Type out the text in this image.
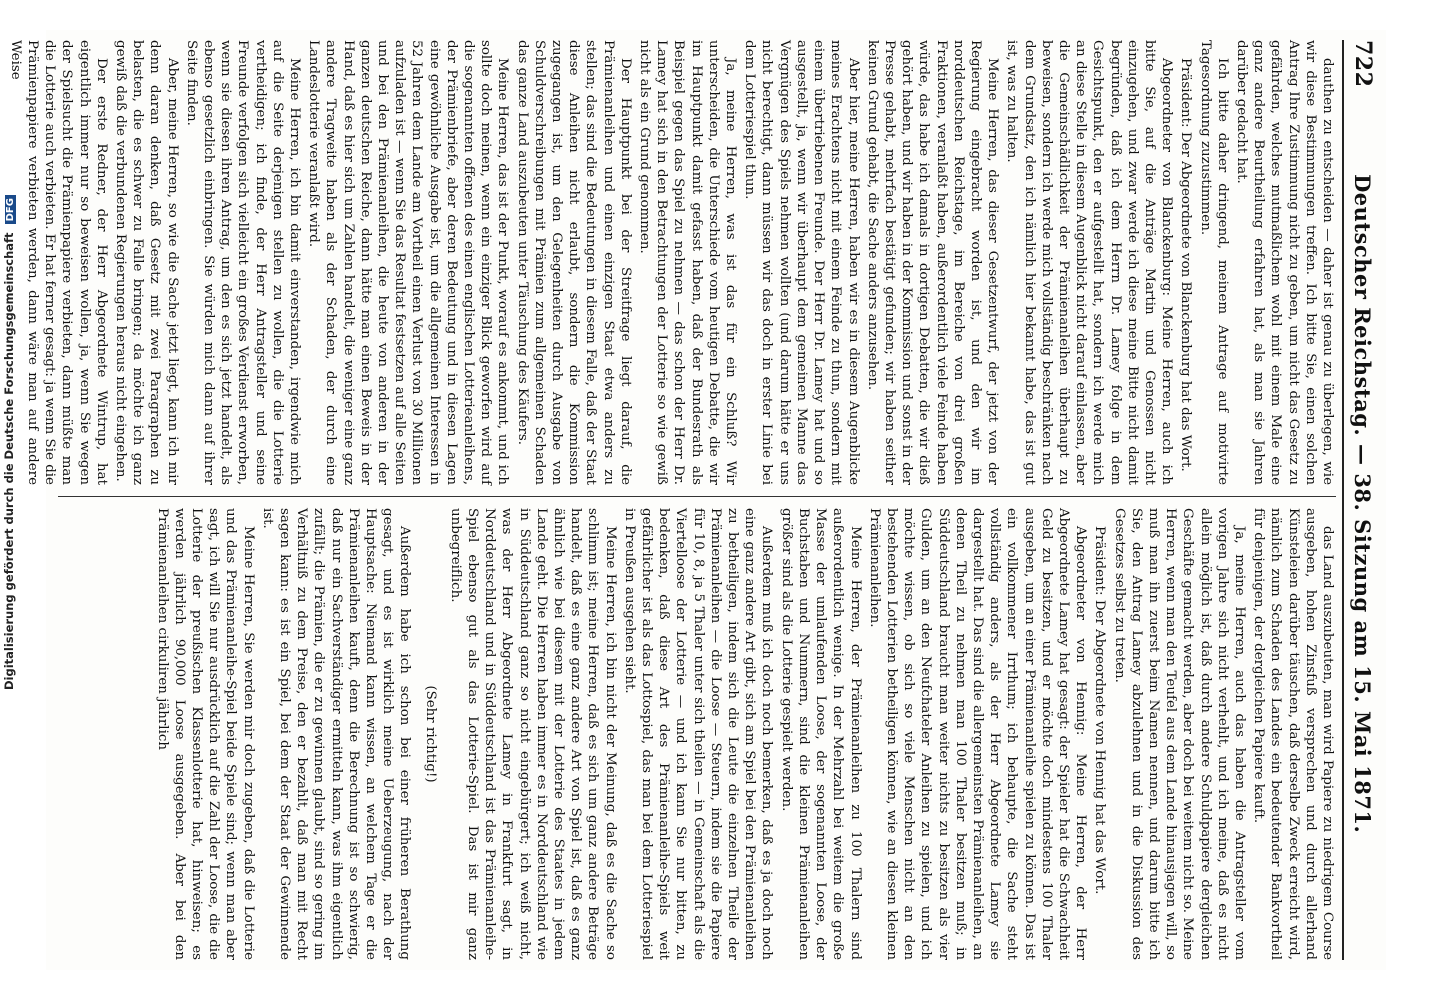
722
Deutscher Reichstag. — 38. Sitzung am 15. Mai 1871.

dauthen zu entscheiden — daher ist genau zu überlegen, wie wir diese Bestimmungen treffen. Ich bitte Sie, einen solchen Antrag Ihre Zustimmung nicht zu geben, um nicht das Gesetz zu gefährden, welches mutmaßlichem wohl mit einem Male eine ganz andere Beurtheilung erfahren hat, als man sie Jahren darüber gedacht hat.

Ich bitte daher dringend, meinem Antrage auf motivirte Tagesordnung zuzustimmen.

Präsident: Der Abgeordnete von Blanckenburg hat das Wort.

Abgeordneter von Blanckenburg: Meine Herren, auch ich bitte Sie, auf die Anträge Martin und Genossen nicht einzugehen, und zwar werde ich diese meine Bitte nicht damit begründen, daß ich dem Herrn Dr. Lamey folge in dem Gesichtspunkt, den er aufgestellt hat, sondern ich werde mich an diese Stelle in diesem Augenblick nicht darauf einlassen, aber die Gemeinschädlichkeit der Prämienanleihen überhaupt zu beweisen, sondern ich werde mich vollständig beschränken nach dem Grundsatz, den ich nämlich hier bekannt habe, das ist gut ist, was zu halten.

Meine Herren, das dieser Gesetzentwurf, der jetzt von der Regierung eingebracht worden ist, und den wir im norddeutschen Reichstage, im Bereiche von drei großen Fraktionen, veranlaßt haben, außerordentlich viele Feinde haben würde, das habe ich damals in dortigen Debatten, die wir dieß gehört haben, und wir haben in der Kommission und sonst in der Presse gehabt, mehrfach bestätigt gefunden; wir haben seither keinen Grund gehabt, die Sache anders anzusehen.

Aber hier, meine Herren, haben wir es in diesem Augenblicke meines Erachtens nicht mit einem Feinde zu thun, sondern mit einem übertriebenen Freunde. Der Herr Dr. Lamey hat und so ausgestellt, ja, wenn wir überhaupt dem gemeinen Manne das Vergnügen des Spiels nehmen wollten (und darum hätte er uns nicht berechtigt, dann müssen wir das doch in erster Linie bei dem Lotteriespiel thun.

Ja, meine Herren, was ist das für ein Schluß? Wir unterscheiden, die Unterschiede vom heutigen Debatte, die wir im Hauptpunkt damit gefasst haben, daß der Bundesrath als Beispiel gegen das Spiel zu nehmen — das schon der Herr Dr. Lamey hat sich in den Betrachtungen der Lotterie so wie gewiß nicht als ein Grund genommen.

Der Hauptpunkt bei der Streitfrage liegt darauf, die Prämienanleihen und einen einzigen Staat etwa anders zu stellen; das sind die Bedeutungen in diesem Falle, daß der Staat diese Anleihen nicht erlaubt, sondern die Kommission zugegangen ist, um den Gelegenheiten durch Ausgabe von Schuldverschreibungen mit Prämien zum allgemeinen Schaden das ganze Land auszubeuten unter Täuschung des Käufers.

Meine Herren, das ist der Punkt, worauf es ankommt, und ich sollte doch meinen, wenn ein einziger Blick geworfen wird auf die sogenannten offenen des einen englischen Lotterieanleihens, der Prämienbriefe, aber deren Bedeutung und in diesen Lagen eine gewöhnliche Ausgabe ist, um die allgemeinen Interessen in 52 Jahren dem Lande am Vortheil einen Verlust von 30 Millionen aufzuladen ist — wenn Sie das Resultat festsetzen auf alle Seiten und bei den Prämienanleihen, die heute von anderen in der ganzen deutschen Reiche, dann hätte man einen Beweis in der Hand, daß es hier sich um Zahlen handelt, die weniger eine ganz andere Tragweite haben als der Schaden, der durch eine Landeslotterie veranlaßt wird.

Meine Herren, ich bin damit einverstanden, irgendwie mich auf die Seite derjenigen stellen zu wollen, die die Lotterie vertheidigen; ich finde, der Herr Antragsteller und seine Freunde verfolgen sich vielleicht ein großes Verdienst erworben, wenn sie diesen ihren Antrag, um den es sich jetzt handelt, als ebenso gesetzlich einbringen. Sie würden mich dann auf ihrer Seite finden.

Aber, meine Herren, so wie die Sache jetzt liegt, kann ich mir denn daran denken, daß Gesetz mit zwei Paragraphen zu belasten, die es schwer zu Falle bringen; da möchte ich ganz gewiß daß die verbundenen Regierungen heraus nicht eingehen.

Der erste Redner, der Herr Abgeordnete Wintrup, hat eigentlich immer nur so beweisen wollen, ja, wenn Sie wegen der Spielsucht die Prämienpapiere verbieten, dann müßte man die Lotterie auch verbieten. Er hat ferner gesagt: ja wenn Sie die Prämienpapiere verbieten werden, dann wäre man auf andere Weise

das Land auszubeuten, man wird Papiere zu niedrigem Course ausgeben, hohen Zinsfuß versprechen und durch allerhand Künsteleien darüber täuschen, daß derselbe Zweck erreicht wird, nämlich zum Schaden des Landes ein bedeutender Bankvortheil für denjenigen, der dergleichen Papiere kauft.

Ja, meine Herren, auch das haben die Antragsteller vom vorigen Jahre sich nicht verhehlt, und ich meine, daß es nicht allein möglich ist, daß durch andere Schuldpapiere dergleichen Geschäfte gemacht werden, aber doch bei weitem nicht so. Meine Herren, wenn man den Teufel aus dem Lande hinausjagen will, so muß man ihn zuerst beim Namen nennen, und darum bitte ich Sie, den Antrag Lamey abzulehnen und in die Diskussion des Gesetzes selbst zu treten.

Präsident: Der Abgeordnete von Hennig hat das Wort.

Abgeordneter von Hennig: Meine Herren, der Herr Abgeordnete Lamey hat gesagt: der Spieler hat die Schwachheit Geld zu besitzen, und er möchte doch mindestens 100 Thaler ausgeben, um an einer Prämienanleihe spielen zu können. Das ist ein vollkommener Irrthum; ich behaupte, die Sache steht vollständig anders, als der Herr Abgeordnete Lamey sie dargestellt hat. Das sind die allergemeinsten Prämienanleihen, an denen Theil zu nehmen man 100 Thaler besitzen muß; in Süddeutschland braucht man weiter nichts zu besitzen als vier Gulden, um an den Neufchateler Anleihen zu spielen, und ich möchte wissen, ob sich so viele Menschen nicht an den bestehenden Lotterien betheiligen können, wie an diesen kleinen Prämienanleihen.

Meine Herren, der Prämienanleihen zu 100 Thalern sind außerordentlich wenige. In der Mehrzahl bei weitem die große Masse der umlaufenden Loose, der sogenannten Loose, der Buchstaben und Nummern, sind die kleinen Prämienanleihen größer sind als die Lotterie gespielt werden.

Außerdem muß ich doch noch bemerken, daß es ja doch noch eine ganz andere Art gibt, sich am Spiel bei den Prämienanleihen zu betheiligen, indem sich die Leute die einzelnen Theile der Prämienanleihen — die Loose — Steuern, indem sie die Papiere für 10, 8, ja 5 Thaler unter sich theilen — in Gemeinschaft als die Viertelloose der Lotterie — und ich kann Sie nur bitten, zu bedenken, daß diese Art des Prämienanleihe-Spiels weit gefährlicher ist als das Lottospiel, das man bei dem Lotteriespiel in Preußen ausgehen sieht.

Meine Herren, ich bin nicht der Meinung, daß es die Sache so schlimm ist; meine Herren, daß es sich um ganz andere Beträge handelt, daß es eine ganz andere Art von Spiel ist, daß es ganz ähnlich wie bei diesem mit der Lotterie des Staates in jedem Lande geht. Die Herren haben immer es in Norddeutschland wie in Süddeutschland ganz so nicht eingebürgert; ich weiß nicht, was der Herr Abgeordnete Lamey in Frankfurt sagt, in Norddeutschland und in Süddeutschland ist das Prämienanleihe-Spiel ebenso gut als das Lotterie-Spiel. Das ist mir ganz unbegreiflich.

(Sehr richtig!)

Außerdem habe ich schon bei einer früheren Berathung gesagt, und es ist wirklich meine Ueberzeugung, nach der Hauptsache: Niemand kann wissen, an welchem Tage er die Prämienanleihen kauft, denn die Berechnung ist so schwierig, daß nur ein Sachverständiger ermitteln kann, was ihm eigentlich zufällt; die Prämien, die er zu gewinnen glaubt, sind so gering im Verhältniß zu dem Preise, den er bezahlt, daß man mit Recht sagen kann: es ist ein Spiel, bei dem der Staat der Gewinnende ist.

Meine Herren, Sie werden mir doch zugeben, daß die Lotterie und das Prämienanleihe-Spiel beide Spiele sind; wenn man aber sagt, ich will Sie nur ausdrücklich auf die Zahl der Loose, die die Lotterie der preußischen Klassenlotterie hat, hinweisen; es werden jährlich 90,000 Loose ausgegeben. Aber bei den Prämienanleihen cirkuliren jährlich

Digitalisierung gefördert durch die Deutsche Forschungsgemeinschaft DFG
